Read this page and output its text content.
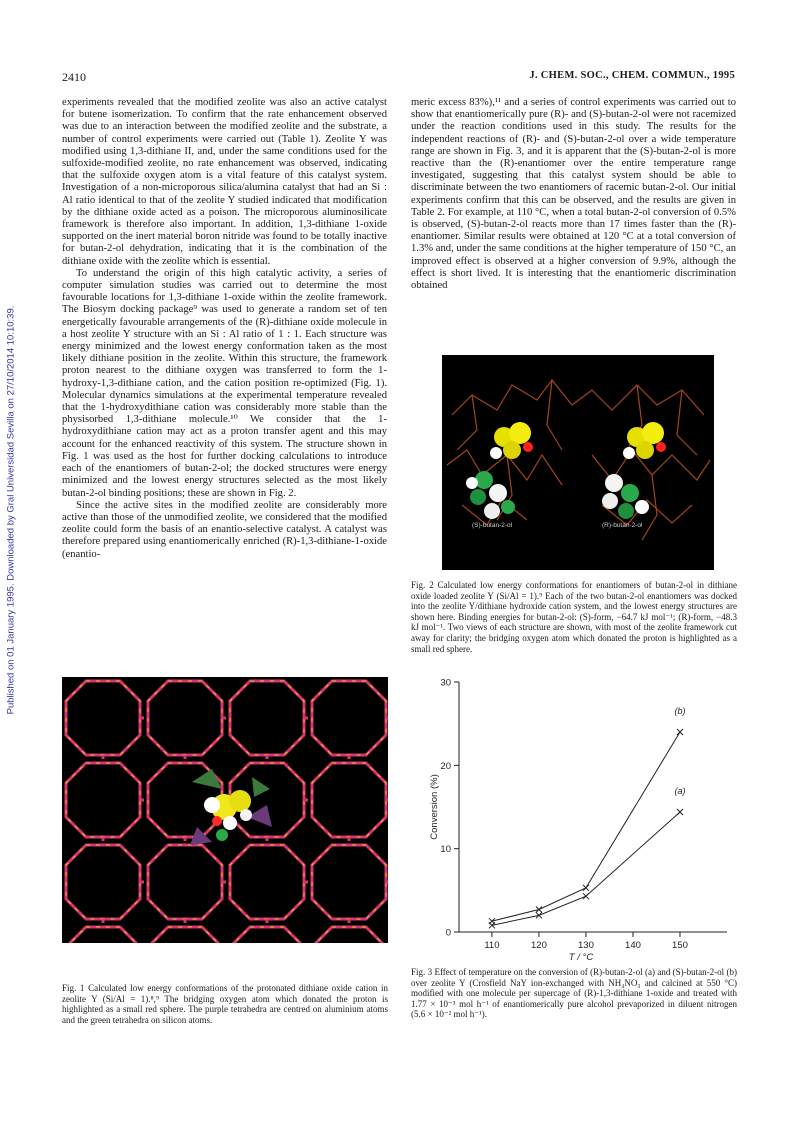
2410	J. CHEM. SOC., CHEM. COMMUN., 1995
Published on 01 January 1995. Downloaded by Gral Universidad Sevilla on 27/10/2014 10:10:39.

experiments revealed that the modified zeolite was also an active catalyst for butene isomerization. To confirm that the rate enhancement observed was due to an interaction between the modified zeolite and the substrate, a number of control experiments were carried out (Table 1). Zeolite Y was modified using 1,3-dithiane II, and, under the same conditions used for the sulfoxide-modified zeolite, no rate enhancement was observed, indicating that the sulfoxide oxygen atom is a vital feature of this catalyst system. Investigation of a non-microporous silica/alumina catalyst that had an Si : Al ratio identical to that of the zeolite Y studied indicated that modification by the dithiane oxide acted as a poison. The microporous aluminosilicate framework is therefore also important. In addition, 1,3-dithiane 1-oxide supported on the inert material boron nitride was found to be totally inactive for butan-2-ol dehydration, indicating that it is the combination of the dithiane oxide with the zeolite which is essential.

To understand the origin of this high catalytic activity, a series of computer simulation studies was carried out to determine the most favourable locations for 1,3-dithiane 1-oxide within the zeolite framework. The Biosym docking package⁹ was used to generate a random set of ten energetically favourable arrangements of the (R)-dithiane oxide molecule in a host zeolite Y structure with an Si : Al ratio of 1 : 1. Each structure was energy minimized and the lowest energy conformation taken as the most likely dithiane position in the zeolite. Within this structure, the framework proton nearest to the dithiane oxygen was transferred to form the 1-hydroxy-1,3-dithiane cation, and the cation position re-optimized (Fig. 1). Molecular dynamics simulations at the experimental temperature revealed that the 1-hydroxydithiane cation was considerably more stable than the physisorbed 1,3-dithiane molecule.¹⁰ We consider that the 1-hydroxydithiane cation may act as a proton transfer agent and this may account for the enhanced reactivity of this system. The structure shown in Fig. 1 was used as the host for further docking calculations to introduce each of the enantiomers of butan-2-ol; the docked structures were energy minimized and the lowest energy structures selected as the most likely butan-2-ol binding positions; these are shown in Fig. 2.

Since the active sites in the modified zeolite are considerably more active than those of the unmodified zeolite, we considered that the modified zeolite could form the basis of an enantio-selective catalyst. A catalyst was therefore prepared using enantiomerically enriched (R)-1,3-dithiane-1-oxide (enantio-

meric excess 83%),¹¹ and a series of control experiments was carried out to show that enantiomerically pure (R)- and (S)-butan-2-ol were not racemized under the reaction conditions used in this study. The results for the independent reactions of (R)- and (S)-butan-2-ol over a wide temperature range are shown in Fig. 3, and it is apparent that the (S)-butan-2-ol is more reactive than the (R)-enantiomer over the entire temperature range investigated, suggesting that this catalyst system should be able to discriminate between the two enantiomers of racemic butan-2-ol. Our initial experiments confirm that this can be observed, and the results are given in Table 2. For example, at 110 °C, when a total butan-2-ol conversion of 0.5% is observed, (S)-butan-2-ol reacts more than 17 times faster than the (R)-enantiomer. Similar results were obtained at 120 °C at a total conversion of 1.3% and, under the same conditions at the higher temperature of 150 °C, an improved effect is observed at a higher conversion of 9.9%, although the effect is short lived. It is interesting that the enantiomeric discrimination obtained

(S)-butan-2-ol	(R)-butan-2-ol
Fig. 2 Calculated low energy conformations for enantiomers of butan-2-ol in dithiane oxide loaded zeolite Y (Si/Al = 1).⁹ Each of the two butan-2-ol enantiomers was docked into the zeolite Y/dithiane hydroxide cation system, and the lowest energy structures are shown here. Binding energies for butan-2-ol: (S)-form, −64.7 kJ mol⁻¹; (R)-form, −48.3 kJ mol⁻¹. Two views of each structure are shown, with most of the zeolite framework cut away for clarity; the bridging oxygen atom which donated the proton is highlighted as a small red sphere.
Fig. 1 Calculated low energy conformations of the protonated dithiane oxide cation in zeolite Y (Si/Al = 1).⁸,⁹ The bridging oxygen atom which donated the proton is highlighted as a small red sphere. The purple tetrahedra are centred on aluminium atoms and the green tetrahedra on silicon atoms.
0
10
20
30
110	120	130	140	150
T / °C
Conversion (%)	(a)
(b)
Fig. 3 Effect of temperature on the conversion of (R)-butan-2-ol (a) and (S)-butan-2-ol (b) over zeolite Y (Crosfield NaY ion-exchanged with NH₄NO₃ and calcined at 550 °C) modified with one molecule per supercage of (R)-1,3-dithiane 1-oxide and treated with 1.77 × 10⁻³ mol h⁻¹ of enantiomerically pure alcohol prevaporized in diluent nitrogen (5.6 × 10⁻² mol h⁻¹).
